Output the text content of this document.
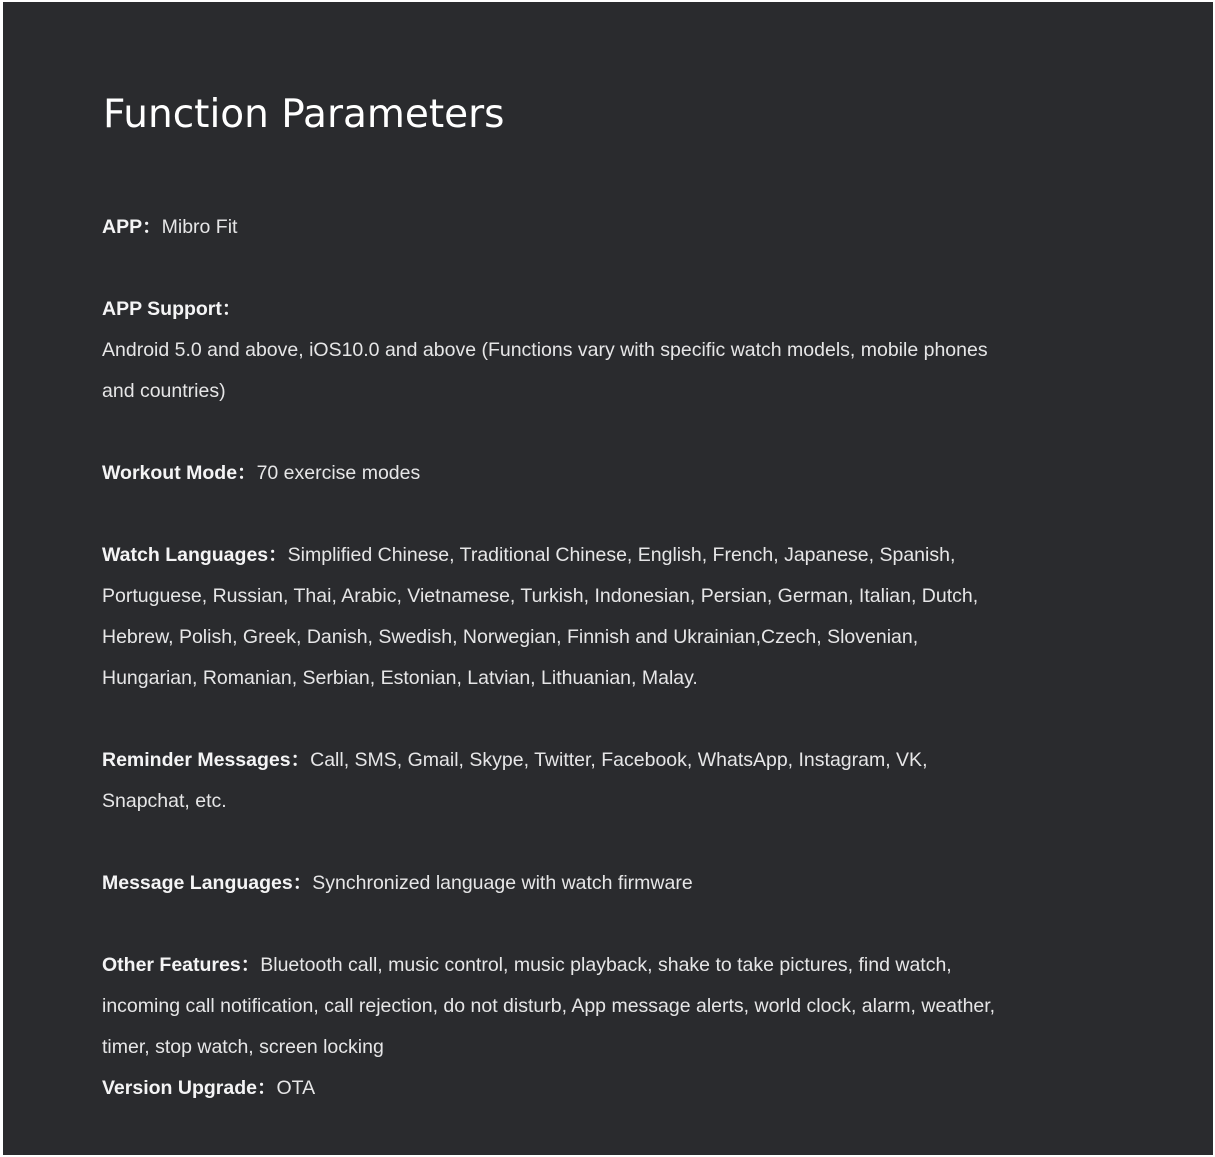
Function Parameters

APP：Mibro Fit

APP Support：
Android 5.0 and above, iOS10.0 and above (Functions vary with specific watch models, mobile phones and countries)

Workout Mode：70 exercise modes

Watch Languages：Simplified Chinese, Traditional Chinese, English, French, Japanese, Spanish, Portuguese, Russian, Thai, Arabic, Vietnamese, Turkish, Indonesian, Persian, German, Italian, Dutch, Hebrew, Polish, Greek, Danish, Swedish, Norwegian, Finnish and Ukrainian,Czech, Slovenian, Hungarian, Romanian, Serbian, Estonian, Latvian, Lithuanian, Malay.

Reminder Messages：Call, SMS, Gmail, Skype, Twitter, Facebook, WhatsApp, Instagram, VK, Snapchat, etc.

Message Languages：Synchronized language with watch firmware

Other Features：Bluetooth call, music control, music playback, shake to take pictures, find watch, incoming call notification, call rejection, do not disturb, App message alerts, world clock, alarm, weather, timer, stop watch, screen locking

Version Upgrade：OTA
